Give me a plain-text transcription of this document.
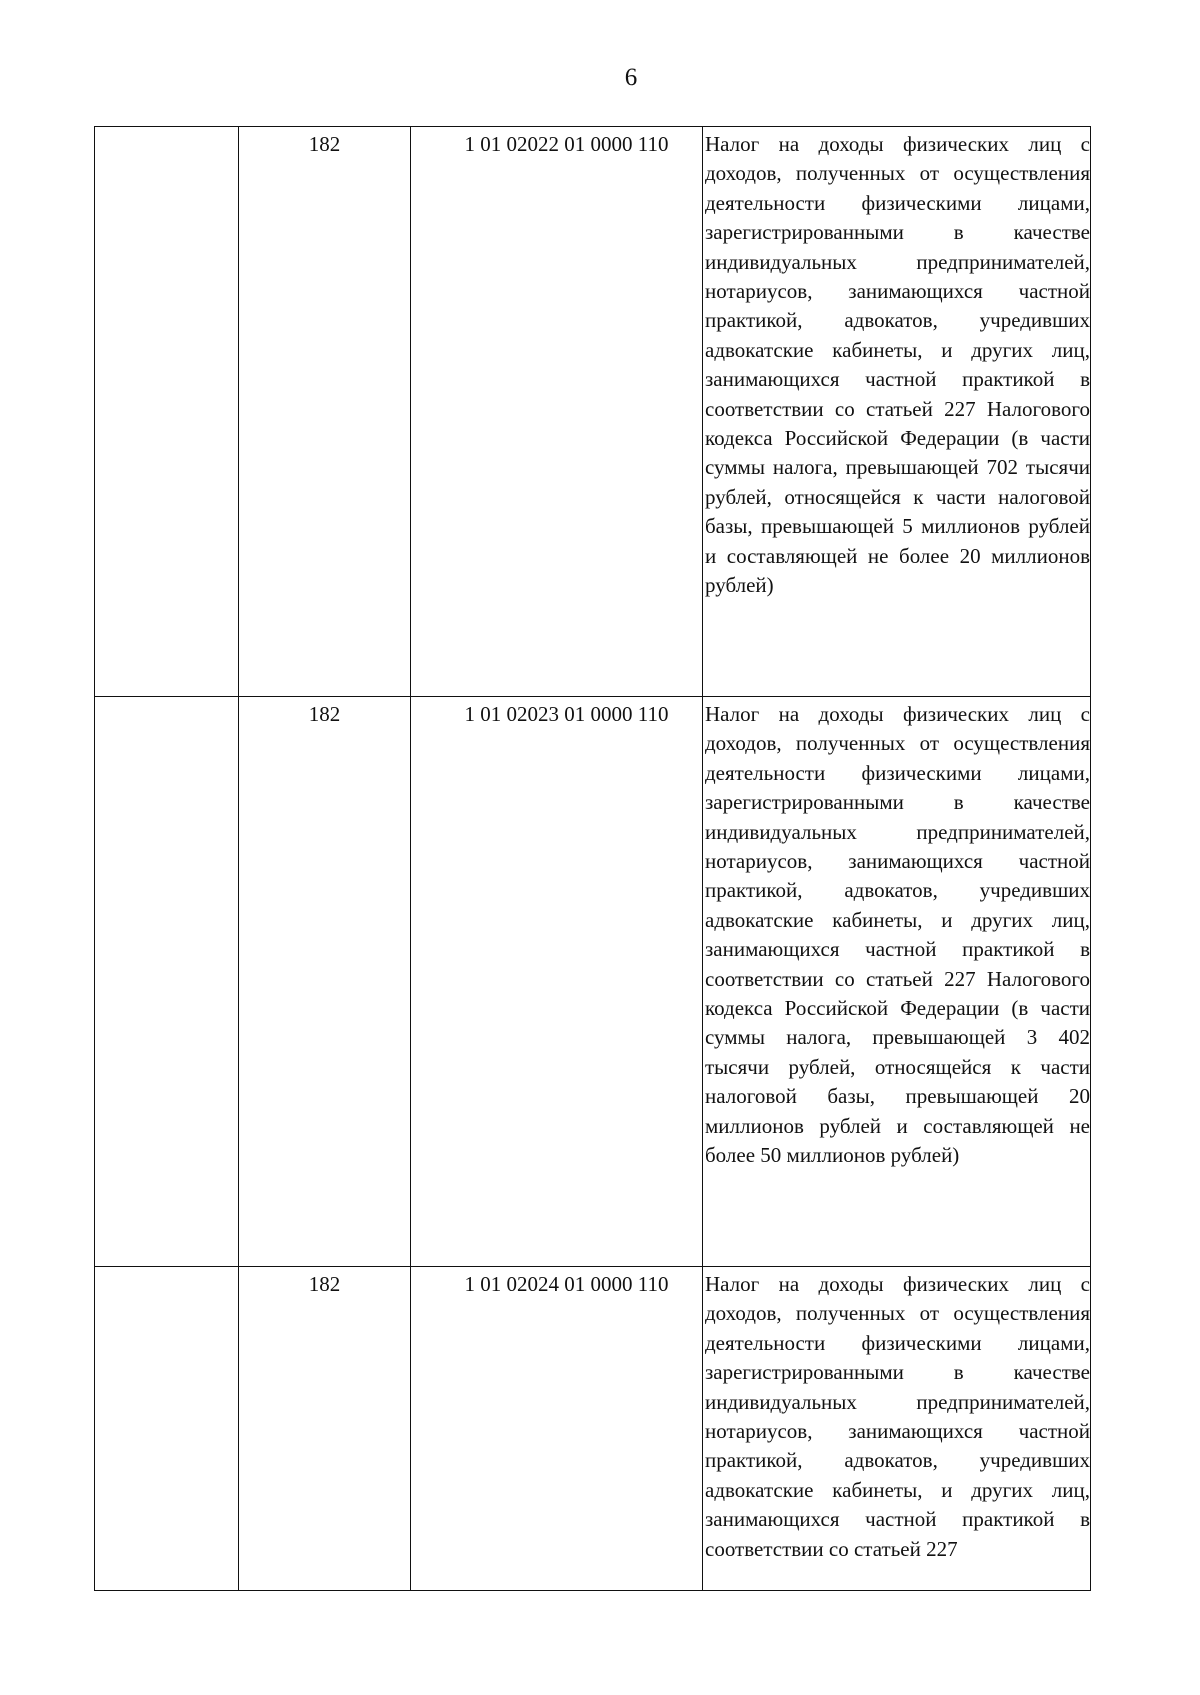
6
	182	1 01 02022 01 0000 110	Налог на доходы физических лиц с доходов, полученных от осуществления деятельности физическими лицами, зарегистрированными в качестве индивидуальных предпринимателей, нотариусов, занимающихся частной практикой, адвокатов, учредивших адвокатские кабинеты, и других лиц, занимающихся частной практикой в соответствии со статьей 227 Налогового кодекса Российской Федерации (в части суммы налога, превышающей 702 тысячи рублей, относящейся к части налоговой базы, превышающей 5 миллионов рублей и составляющей не более 20 миллионов рублей)
	182	1 01 02023 01 0000 110	Налог на доходы физических лиц с доходов, полученных от осуществления деятельности физическими лицами, зарегистрированными в качестве индивидуальных предпринимателей, нотариусов, занимающихся частной практикой, адвокатов, учредивших адвокатские кабинеты, и других лиц, занимающихся частной практикой в соответствии со статьей 227 Налогового кодекса Российской Федерации (в части суммы налога, превышающей 3 402 тысячи рублей, относящейся к части налоговой базы, превышающей 20 миллионов рублей и составляющей не более 50 миллионов рублей)
	182	1 01 02024 01 0000 110	Налог на доходы физических лиц с доходов, полученных от осуществления деятельности физическими лицами, зарегистрированными в качестве индивидуальных предпринимателей, нотариусов, занимающихся частной практикой, адвокатов, учредивших адвокатские кабинеты, и других лиц, занимающихся частной практикой в соответствии со статьей 227
